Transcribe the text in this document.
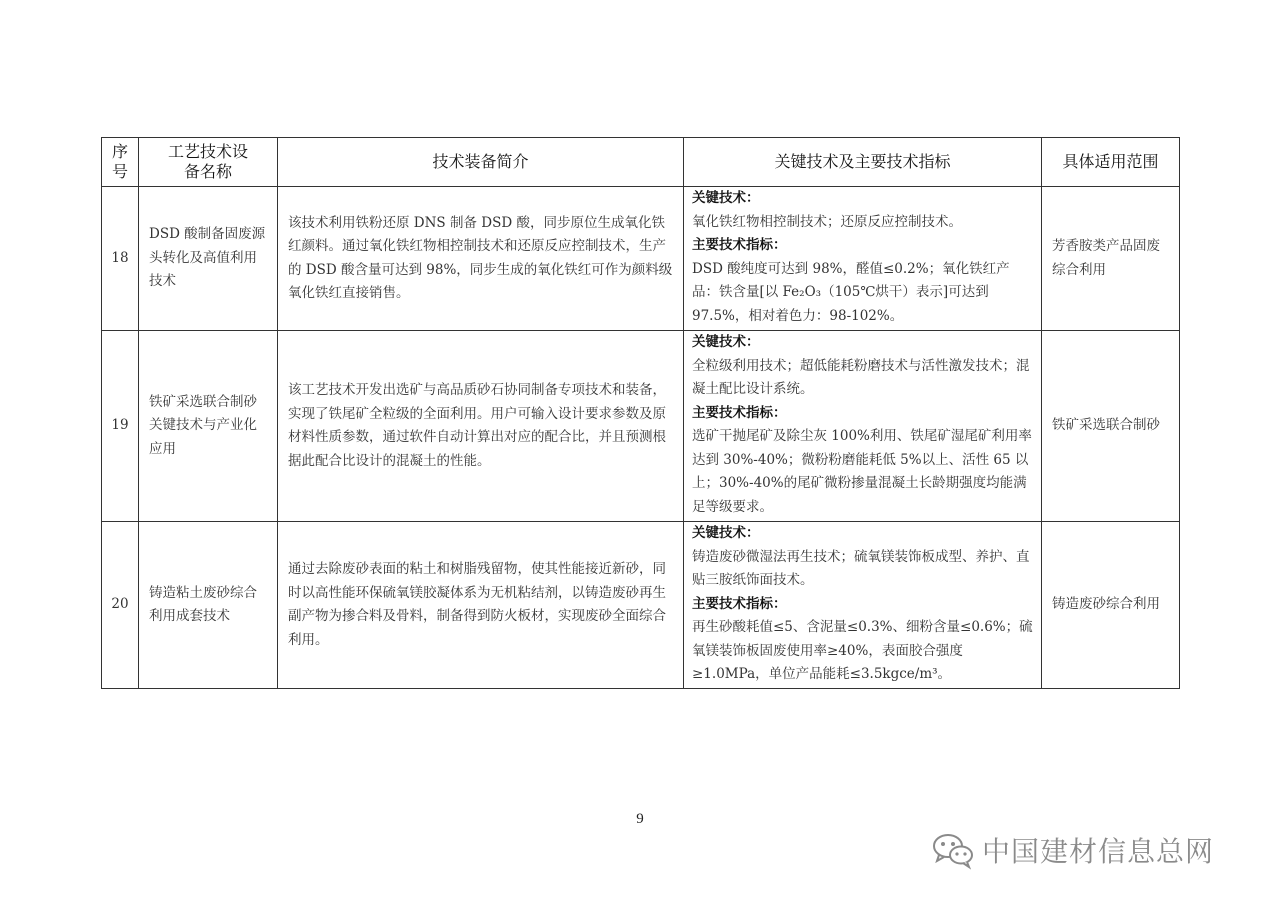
序号	工艺技术设备名称	技术装备简介	关键技术及主要技术指标	具体适用范围
18	DSD 酸制备固废源头转化及高值利用技术	该技术利用铁粉还原 DNS 制备 DSD 酸，同步原位生成氧化铁红颜料。通过氧化铁红物相控制技术和还原反应控制技术，生产的 DSD 酸含量可达到 98%，同步生成的氧化铁红可作为颜料级氧化铁红直接销售。	关键技术：
氧化铁红物相控制技术；还原反应控制技术。
主要技术指标：
DSD 酸纯度可达到 98%，醛值≤0.2%；氧化铁红产品：铁含量[以 Fe₂O₃（105℃烘干）表示]可达到 97.5%，相对着色力：98-102%。	芳香胺类产品固废综合利用
19	铁矿采选联合制砂关键技术与产业化应用	该工艺技术开发出选矿与高品质砂石协同制备专项技术和装备，实现了铁尾矿全粒级的全面利用。用户可输入设计要求参数及原材料性质参数，通过软件自动计算出对应的配合比，并且预测根据此配合比设计的混凝土的性能。	关键技术：
全粒级利用技术；超低能耗粉磨技术与活性激发技术；混凝土配比设计系统。
主要技术指标：
选矿干抛尾矿及除尘灰 100%利用、铁尾矿湿尾矿利用率达到 30%-40%；微粉粉磨能耗低 5%以上、活性 65 以上；30%-40%的尾矿微粉掺量混凝土长龄期强度均能满足等级要求。	铁矿采选联合制砂
20	铸造粘土废砂综合利用成套技术	通过去除废砂表面的粘土和树脂残留物，使其性能接近新砂，同时以高性能环保硫氧镁胶凝体系为无机粘结剂，以铸造废砂再生副产物为掺合料及骨料，制备得到防火板材，实现废砂全面综合利用。	关键技术：
铸造废砂微湿法再生技术；硫氧镁装饰板成型、养护、直贴三胺纸饰面技术。
主要技术指标：
再生砂酸耗值≤5、含泥量≤0.3%、细粉含量≤0.6%；硫氧镁装饰板固废使用率≥40%，表面胶合强度≥1.0MPa，单位产品能耗≤3.5kgce/m³。	铸造废砂综合利用
9
中国建材信息总网
